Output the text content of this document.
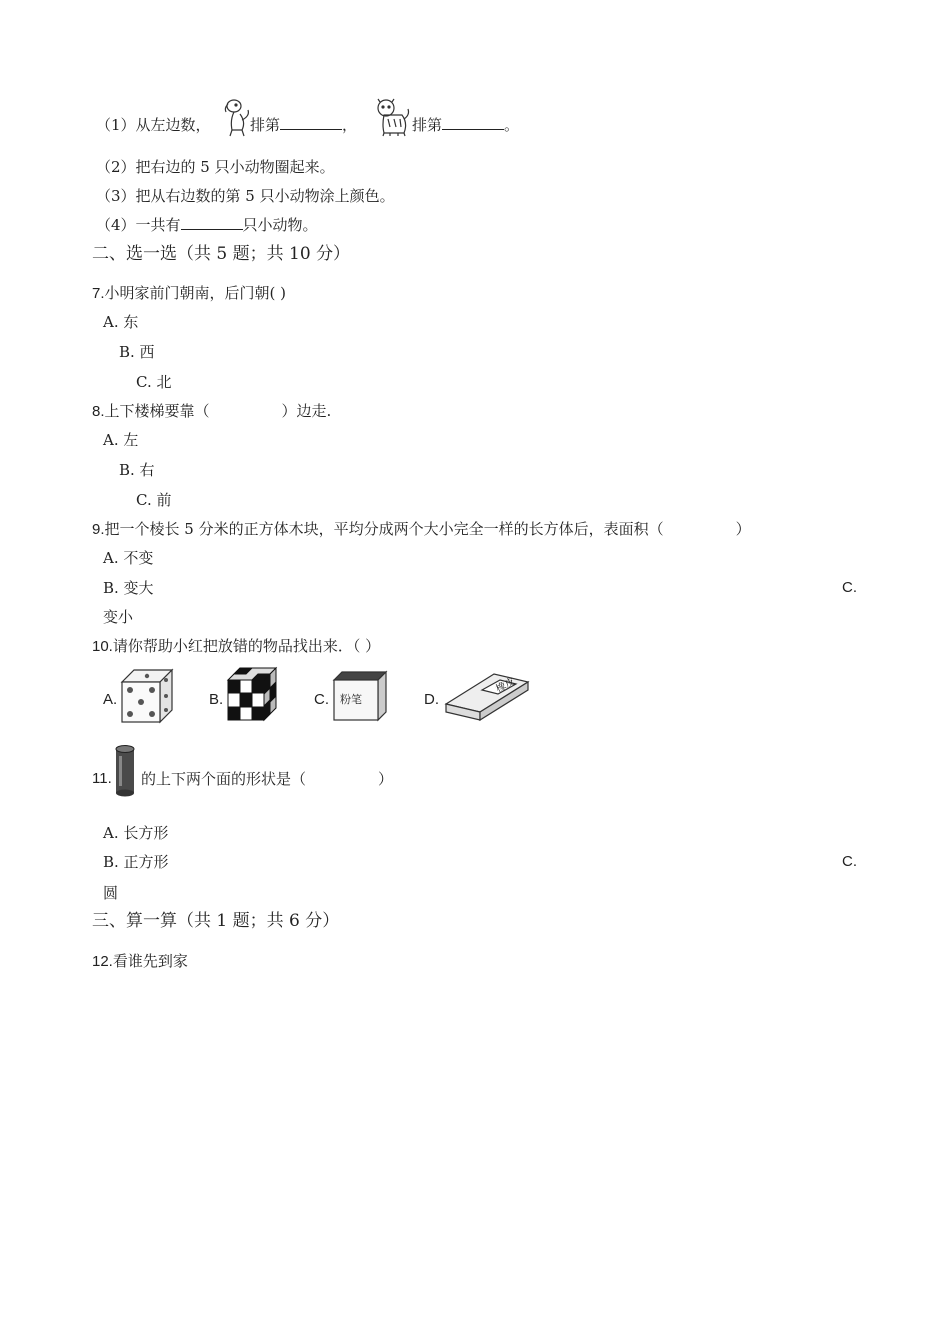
（1）从左边数，	排第	，	排第	。
（2）把右边的 5 只小动物圈起来。
（3）把从右边数的第 5 只小动物涂上颜色。
（4）一共有	只小动物。
二、选一选（共 5 题；共 10 分）
7.小明家前门朝南，后门朝( )
A. 东
B. 西
C. 北
8.上下楼梯要靠（	）边走.
A. 左
B. 右
C. 前
9.把一个棱长 5 分米的正方体木块，平均分成两个大小完全一样的长方体后，表面积（	）
A. 不变
B. 变大	C.
变小
10.请你帮助小红把放错的物品找出来．（ ）
A.	B.	C. 粉笔	D.
橡皮
11. 的上下两个面的形状是（	）
A. 长方形
B. 正方形	C.
圆
三、算一算（共 1 题；共 6 分）
12.看谁先到家
